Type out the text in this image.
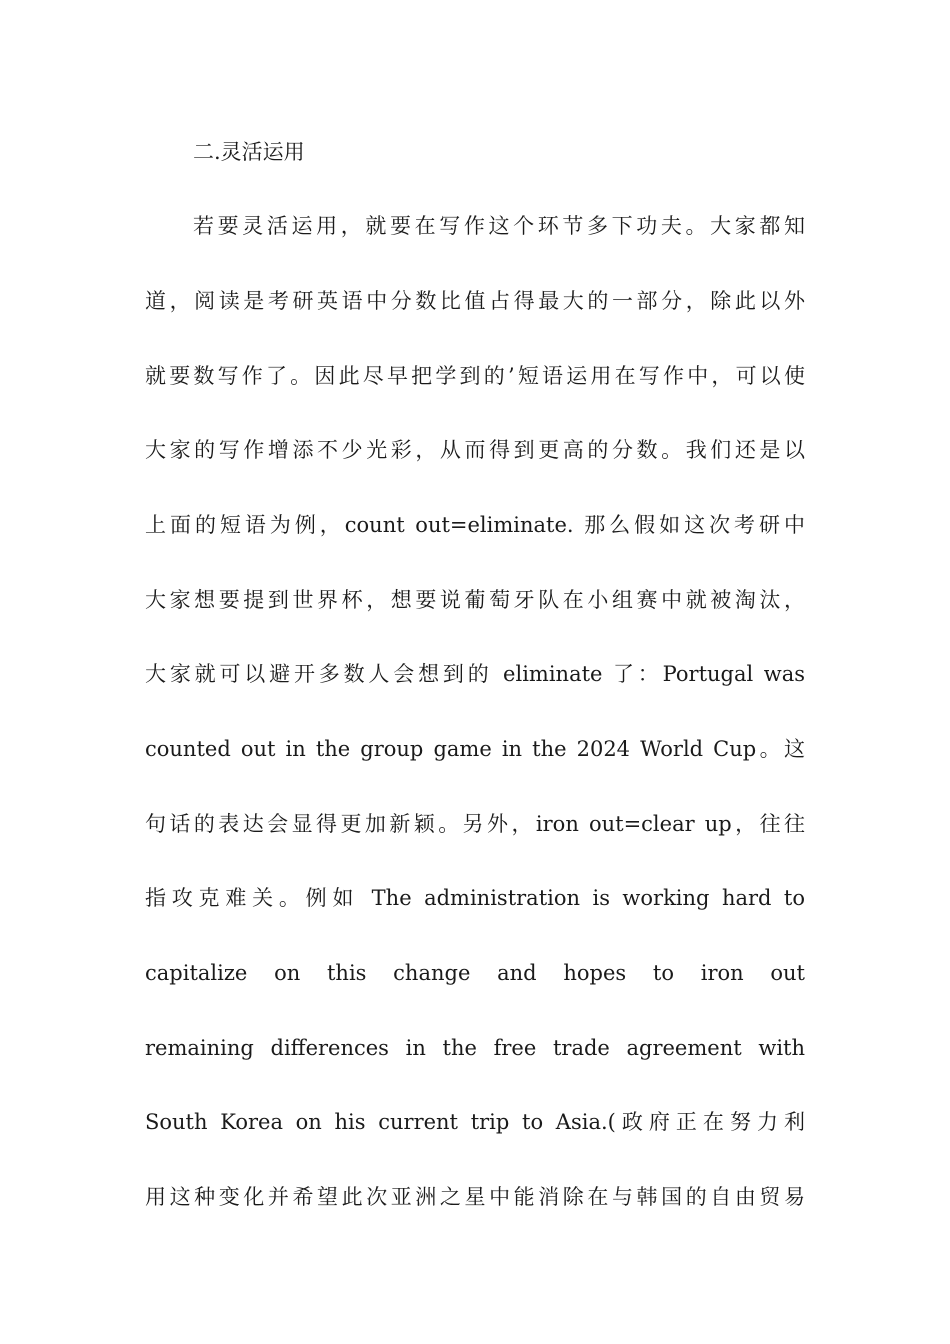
二.灵活运用
若要灵活运用，就要在写作这个环节多下功夫。大家都知
道，阅读是考研英语中分数比值占得最大的一部分，除此以外
就要数写作了。因此尽早把学到的’短语运用在写作中，可以使
大家的写作增添不少光彩，从而得到更高的分数。我们还是以
上面的短语为例，count out=eliminate. 那么假如这次考研中
大家想要提到世界杯，想要说葡萄牙队在小组赛中就被淘汰，
大家就可以避开多数人会想到的 eliminate 了：Portugal was
counted out in the group game in the 2024 World Cup。这
句话的表达会显得更加新颖。另外，iron out=clear up，往往
指攻克难关。例如 The administration is working hard to
capitalize on this change and hopes to iron out
remaining differences in the free trade agreement with
South Korea on his current trip to Asia.(政府正在努力利
用这种变化并希望此次亚洲之星中能消除在与韩国的自由贸易
